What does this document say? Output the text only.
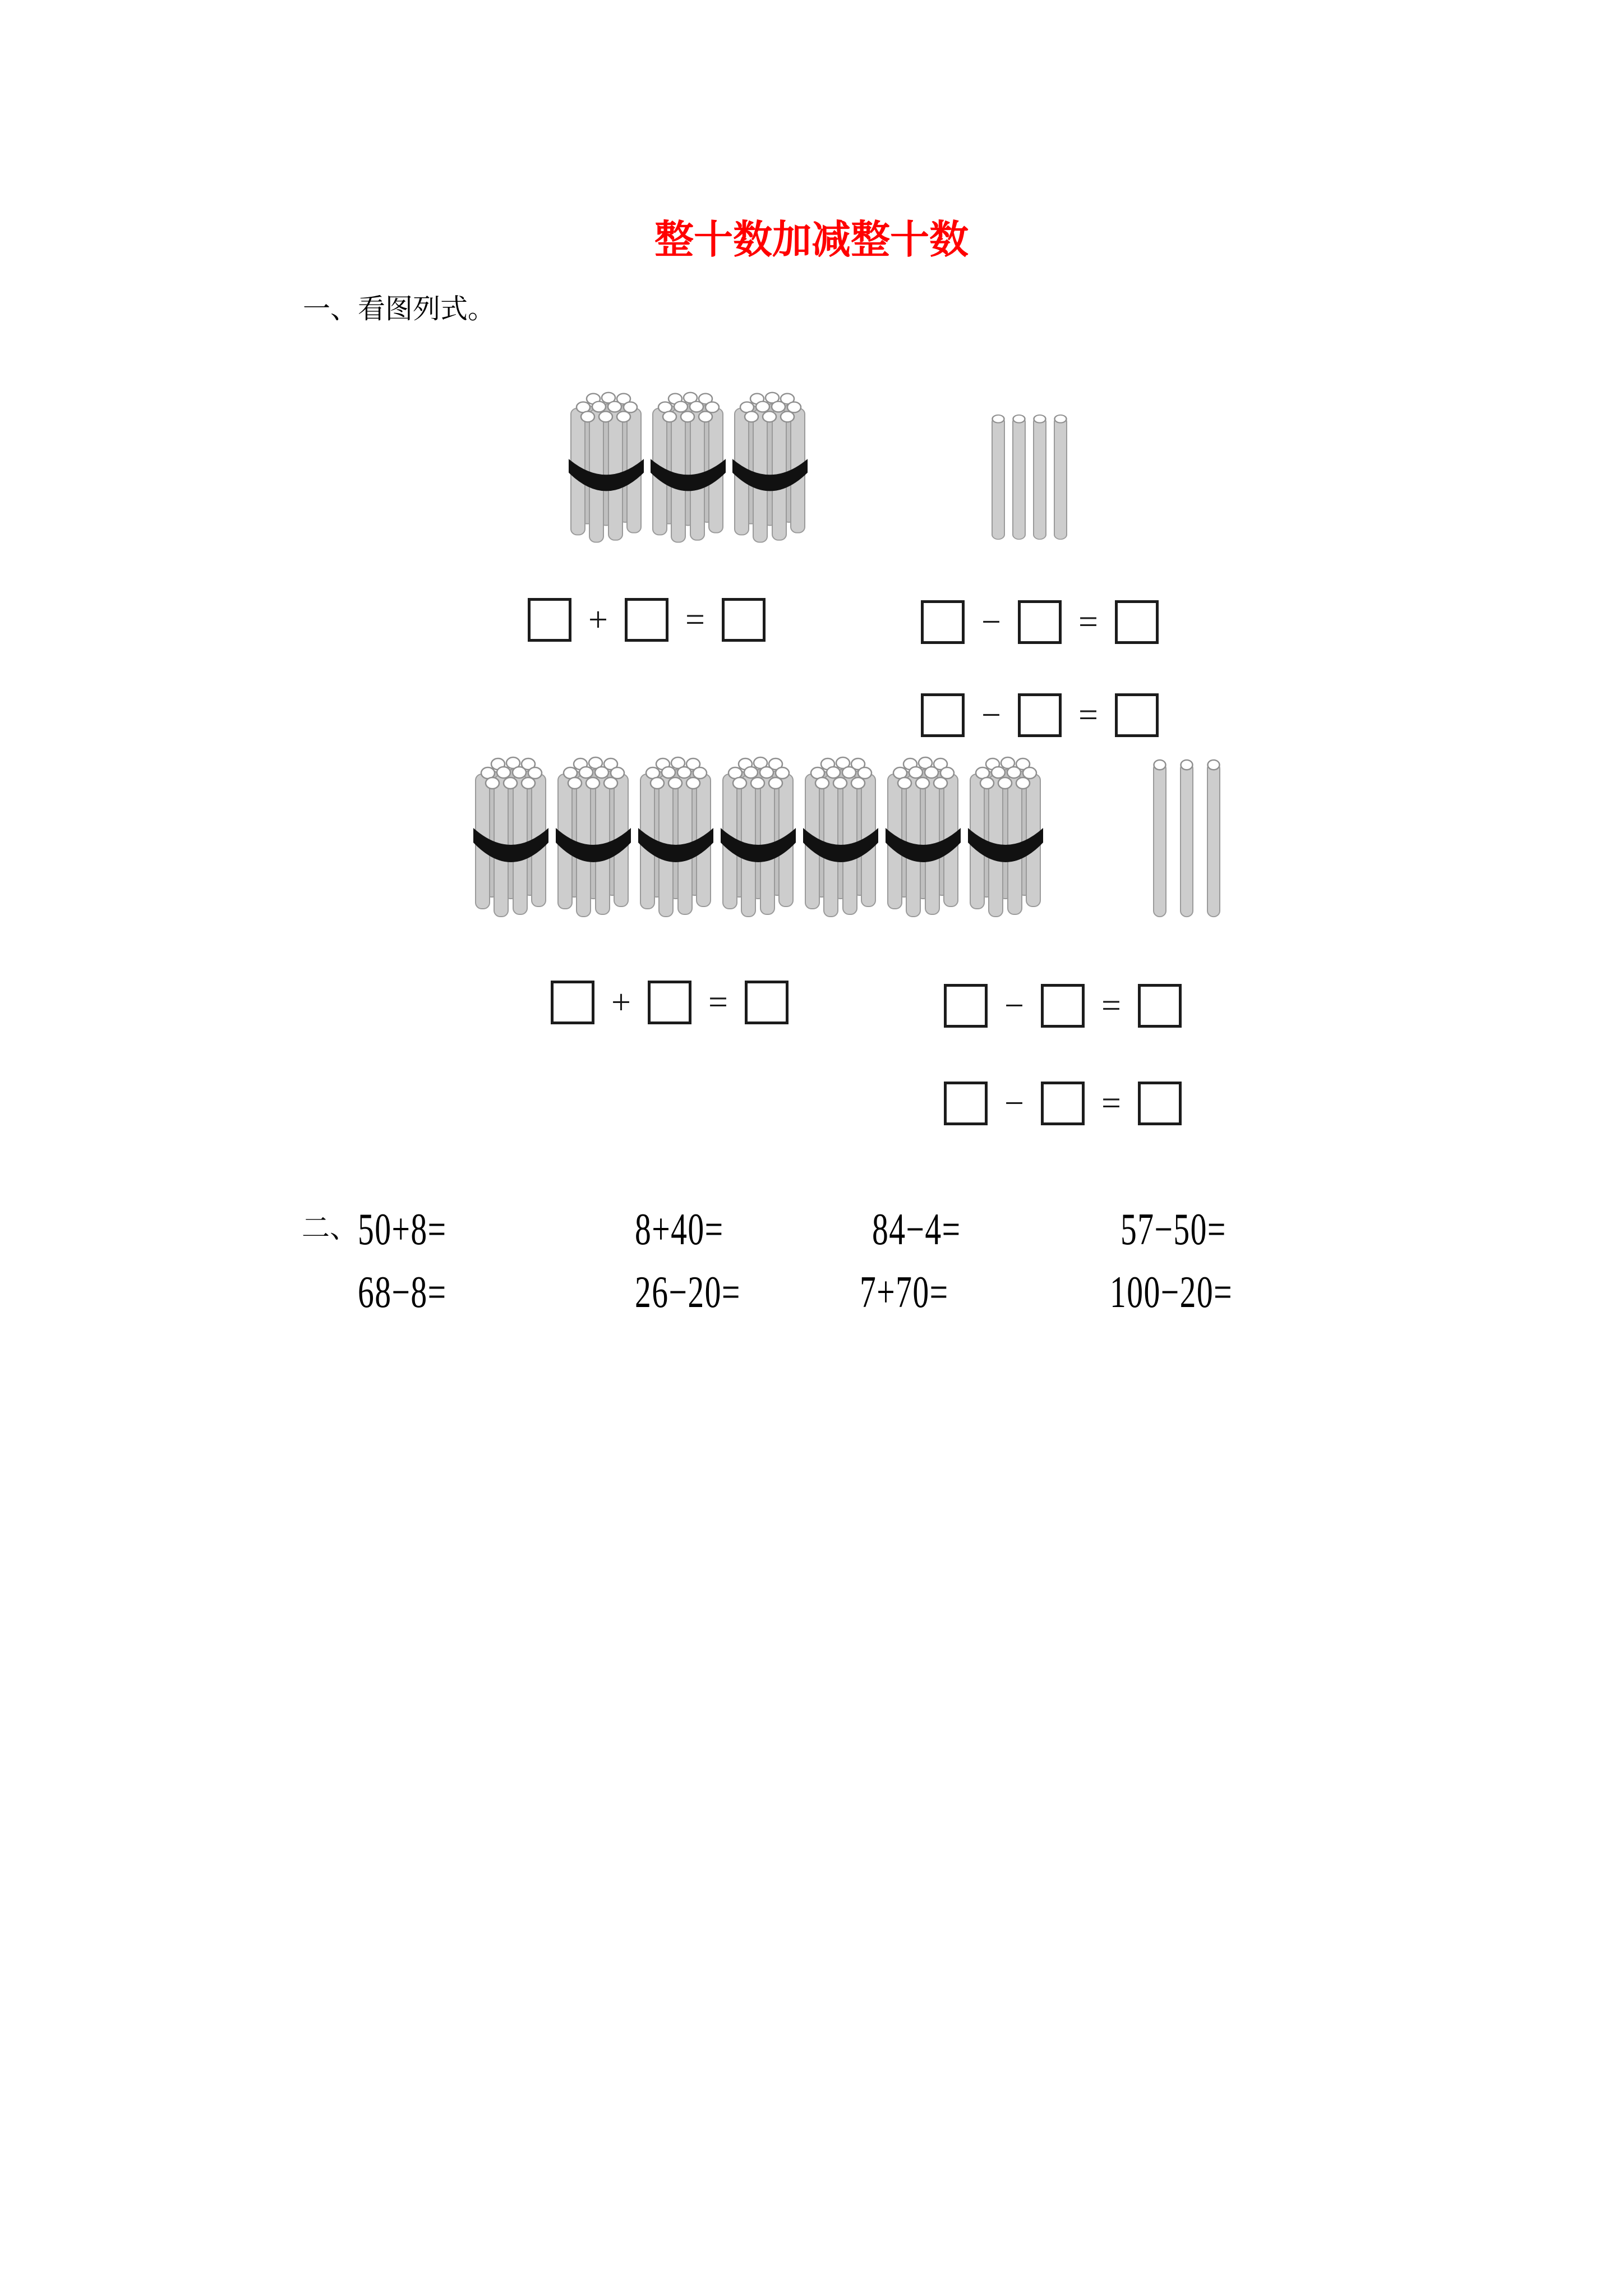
整十数加减整十数
一、看图列式。
+	=	−	=
−	=
+	=	−	=
−	=
二、 50+8=	8+40=	84−4=	57−50=
68−8=	26−20=	7+70=	100−20=
